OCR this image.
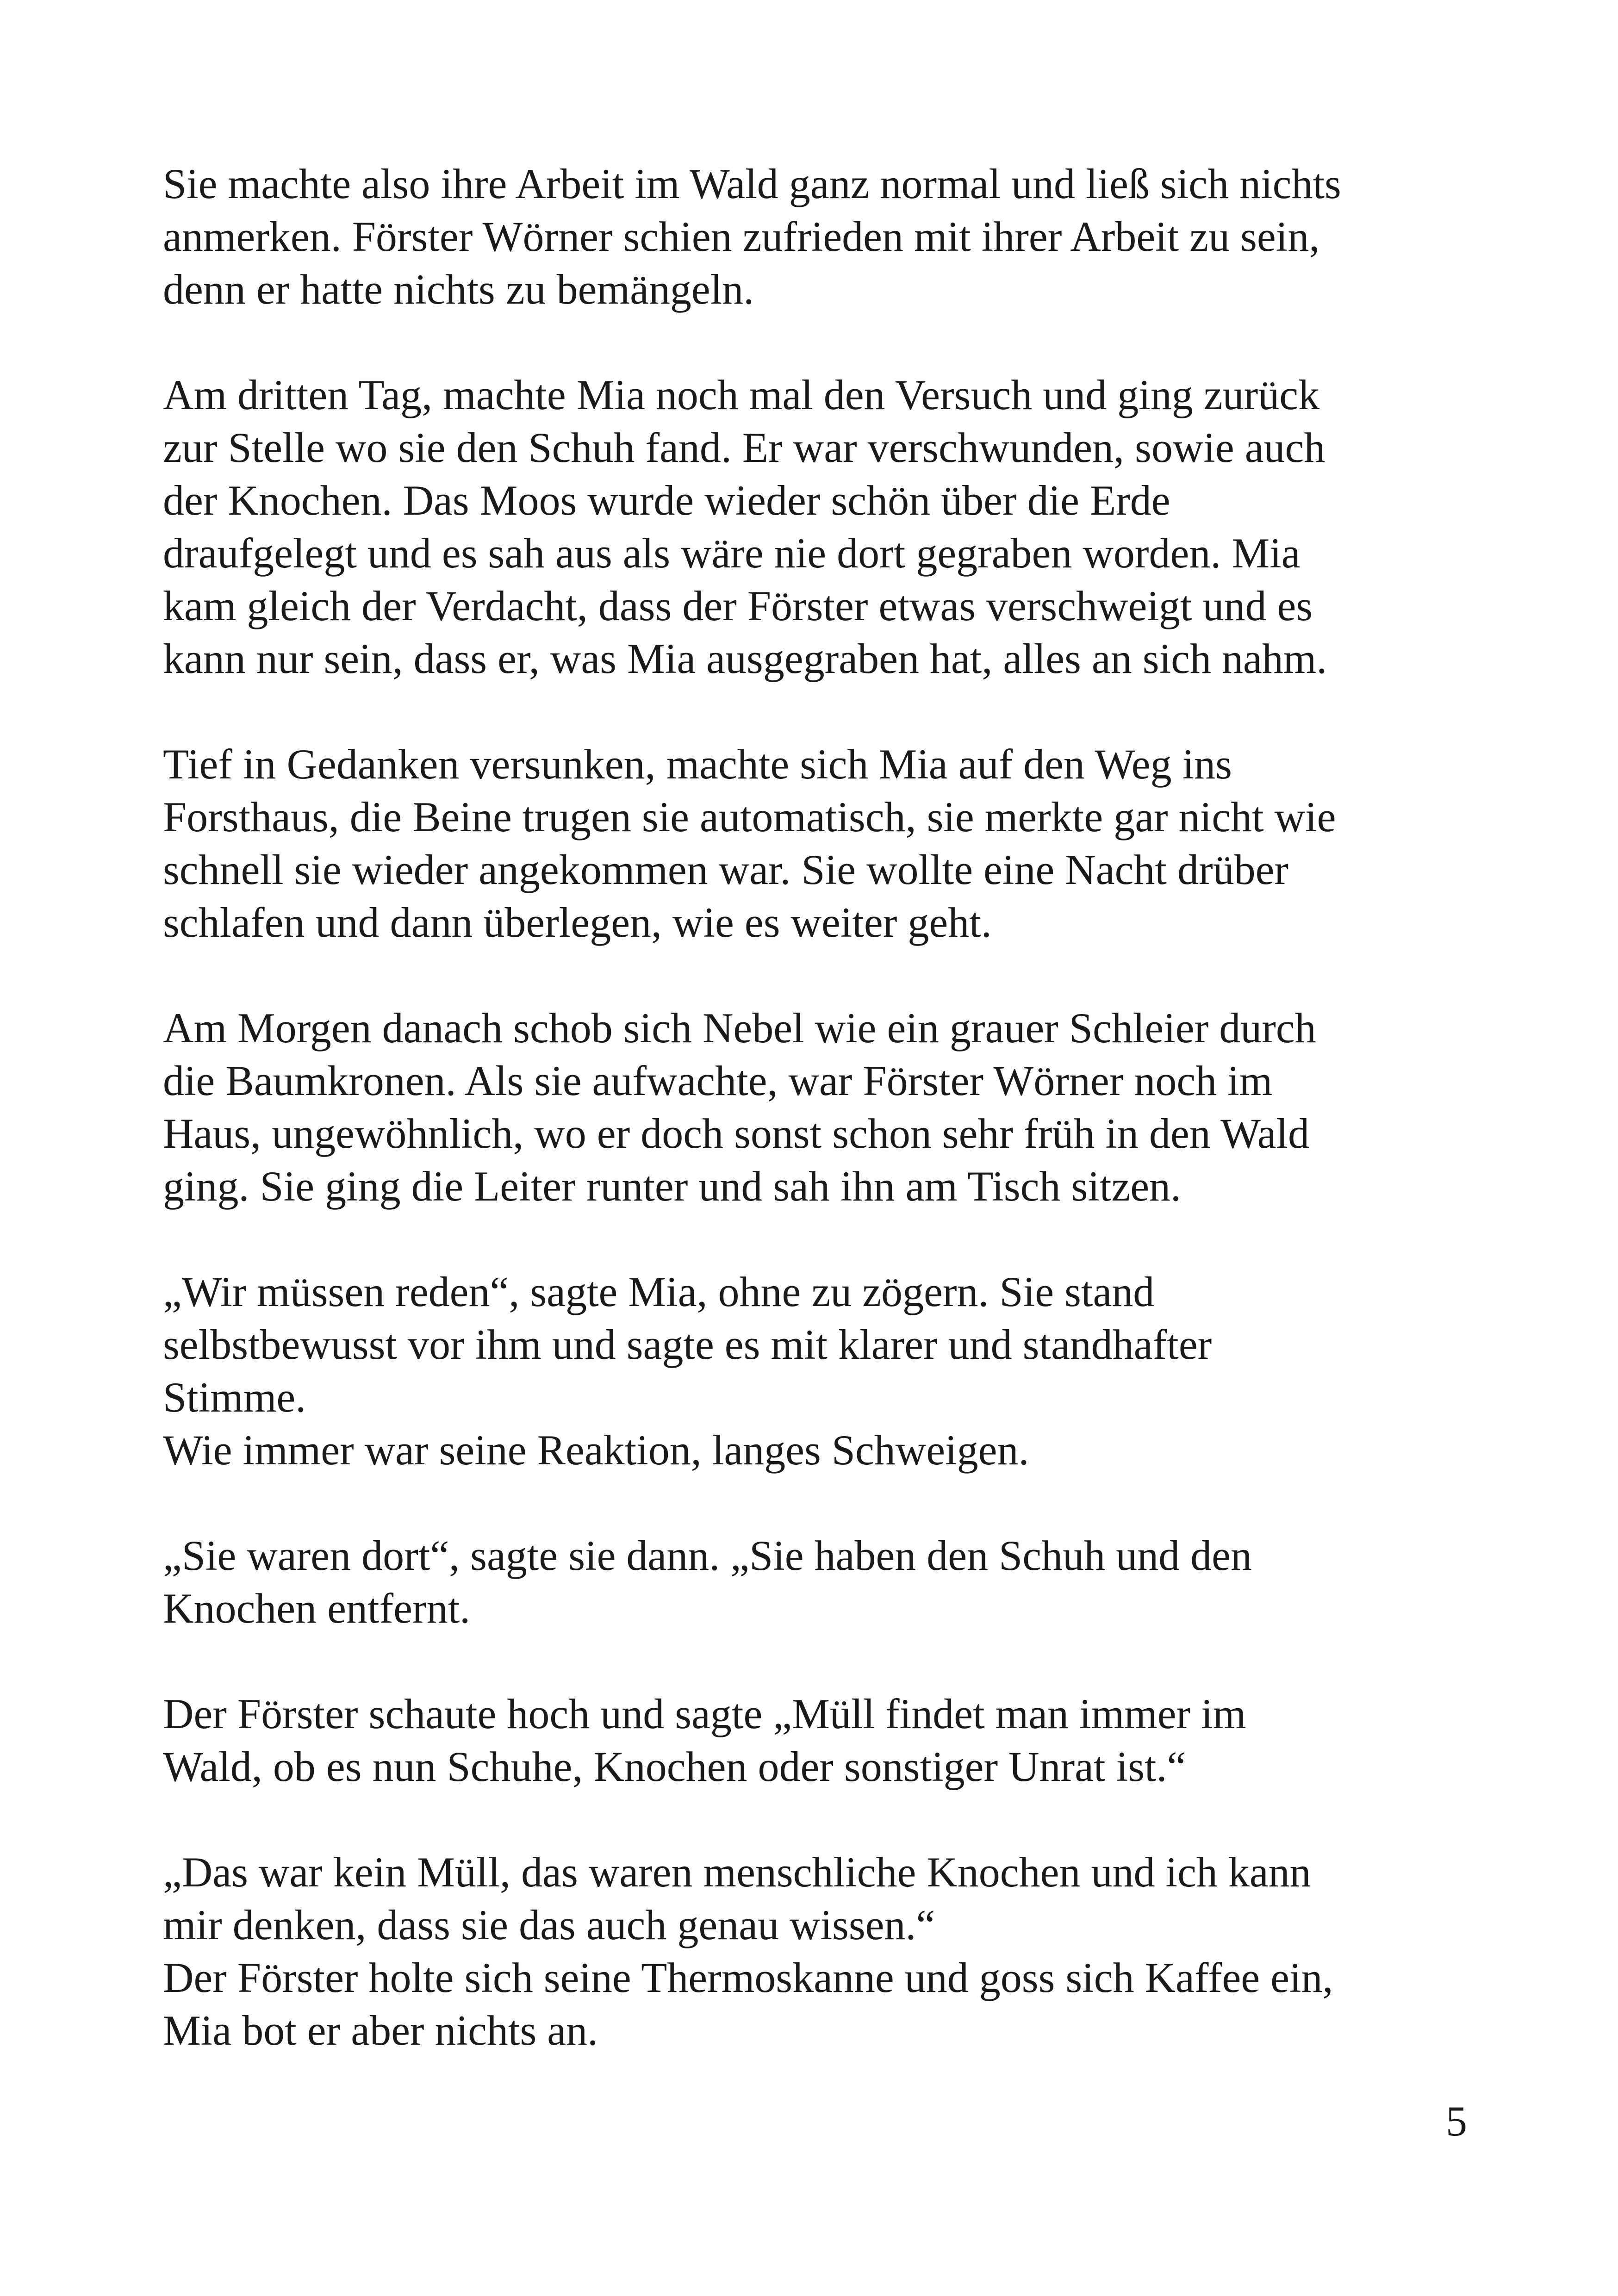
Sie machte also ihre Arbeit im Wald ganz normal und ließ sich nichts
anmerken. Förster Wörner schien zufrieden mit ihrer Arbeit zu sein,
denn er hatte nichts zu bemängeln.

Am dritten Tag, machte Mia noch mal den Versuch und ging zurück
zur Stelle wo sie den Schuh fand. Er war verschwunden, sowie auch
der Knochen. Das Moos wurde wieder schön über die Erde
draufgelegt und es sah aus als wäre nie dort gegraben worden. Mia
kam gleich der Verdacht, dass der Förster etwas verschweigt und es
kann nur sein, dass er, was Mia ausgegraben hat, alles an sich nahm.

Tief in Gedanken versunken, machte sich Mia auf den Weg ins
Forsthaus, die Beine trugen sie automatisch, sie merkte gar nicht wie
schnell sie wieder angekommen war. Sie wollte eine Nacht drüber
schlafen und dann überlegen, wie es weiter geht.

Am Morgen danach schob sich Nebel wie ein grauer Schleier durch
die Baumkronen. Als sie aufwachte, war Förster Wörner noch im
Haus, ungewöhnlich, wo er doch sonst schon sehr früh in den Wald
ging. Sie ging die Leiter runter und sah ihn am Tisch sitzen.

„Wir müssen reden“, sagte Mia, ohne zu zögern. Sie stand
selbstbewusst vor ihm und sagte es mit klarer und standhafter
Stimme.
Wie immer war seine Reaktion, langes Schweigen.

„Sie waren dort“, sagte sie dann. „Sie haben den Schuh und den
Knochen entfernt.

Der Förster schaute hoch und sagte „Müll findet man immer im
Wald, ob es nun Schuhe, Knochen oder sonstiger Unrat ist.“

„Das war kein Müll, das waren menschliche Knochen und ich kann
mir denken, dass sie das auch genau wissen.“
Der Förster holte sich seine Thermoskanne und goss sich Kaffee ein,
Mia bot er aber nichts an.

5
